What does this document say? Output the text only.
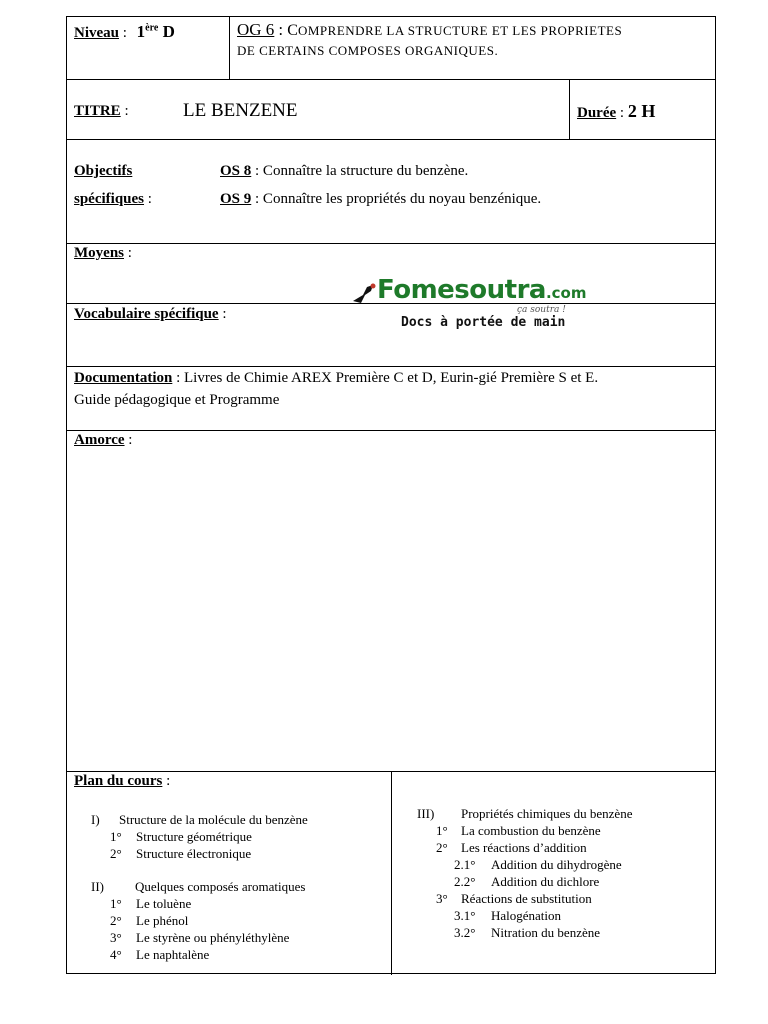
Niveau : 1ère D	OG 6 : COMPRENDRE LA STRUCTURE ET LES PROPRIETES
DE CERTAINS COMPOSES ORGANIQUES.
TITRE :	LE BENZENE	Durée : 2 H
Objectifs
spécifiques :
OS 8 : Connaître la structure du benzène.
OS 9 : Connaître les propriétés du noyau benzénique.
Moyens :
Vocabulaire spécifique :
Fomesoutra.com
ça soutra !
Docs à portée de main
Documentation : Livres de Chimie AREX Première C et D, Eurin-gié Première S et E.
Guide pédagogique et Programme
Amorce :
Plan du cours :
I) Structure de la molécule du benzène
1° Structure géométrique
2° Structure électronique
II) Quelques composés aromatiques
1° Le toluène
2° Le phénol
3° Le styrène ou phényléthylène
4° Le naphtalène
III) Propriétés chimiques du benzène
1° La combustion du benzène
2° Les réactions d’addition
2.1° Addition du dihydrogène
2.2° Addition du dichlore
3° Réactions de substitution
3.1° Halogénation
3.2° Nitration du benzène
